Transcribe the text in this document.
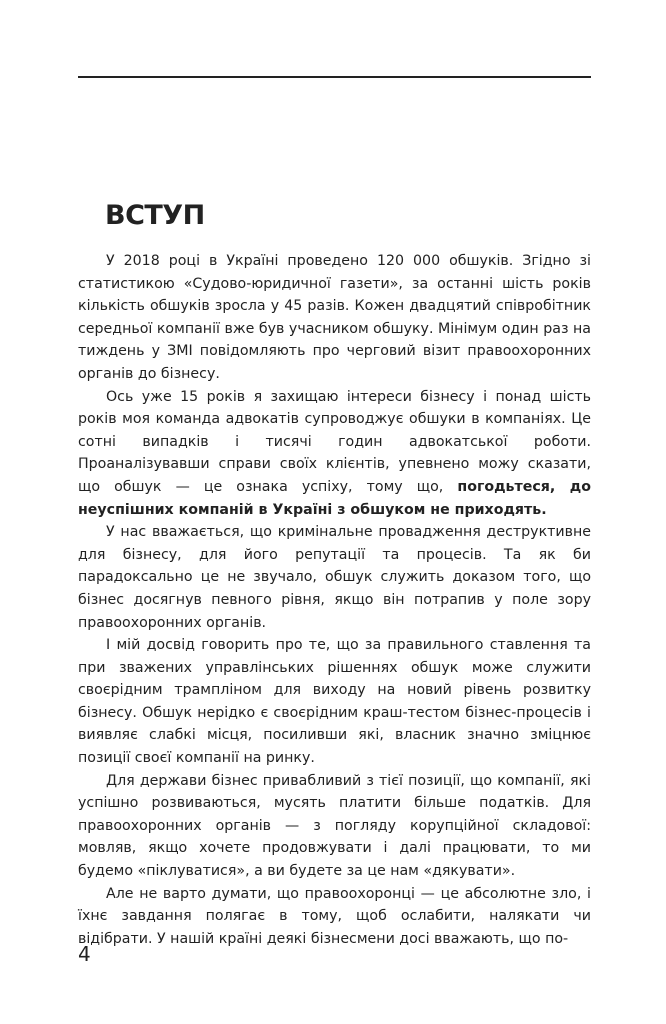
ВСТУП

У 2018 році в Україні проведено 120 000 обшуків. Згідно зі статистикою «Судово-юридичної газети», за останні шість років кількість обшуків зросла у 45 разів. Кожен двадцятий співробітник середньої компанії вже був учасником обшуку. Мінімум один раз на тиждень у ЗМІ повідомляють про черговий візит правоохоронних органів до бізнесу.

Ось уже 15 років я захищаю інтереси бізнесу і понад шість років моя команда адвокатів супроводжує обшуки в компаніях. Це сотні випадків і тисячі годин адвокатської роботи. Проаналізувавши справи своїх клієнтів, упевнено можу сказати, що обшук — це ознака успіху, тому що, погодьтеся, до неуспішних компаній в Україні з обшуком не приходять.

У нас вважається, що кримінальне провадження деструктивне для бізнесу, для його репутації та процесів. Та як би парадоксально це не звучало, обшук служить доказом того, що бізнес досягнув певного рівня, якщо він потрапив у поле зору правоохоронних органів.

І мій досвід говорить про те, що за правильного ставлення та при зважених управлінських рішеннях обшук може служити своєрідним трампліном для виходу на новий рівень розвитку бізнесу. Обшук нерідко є своєрідним краш-тестом бізнес-процесів і виявляє слабкі місця, посиливши які, власник значно зміцнює позиції своєї компанії на ринку.

Для держави бізнес привабливий з тієї позиції, що компанії, які успішно розвиваються, мусять платити більше податків. Для правоохоронних органів — з погляду корупційної складової: мовляв, якщо хочете продовжувати і далі працювати, то ми будемо «піклуватися», а ви будете за це нам «дякувати».

Але не варто думати, що правоохоронці — це абсолютне зло, і їхнє завдання полягає в тому, щоб ослабити, налякати чи відібрати. У нашій країні деякі бізнесмени досі вважають, що по-

4
